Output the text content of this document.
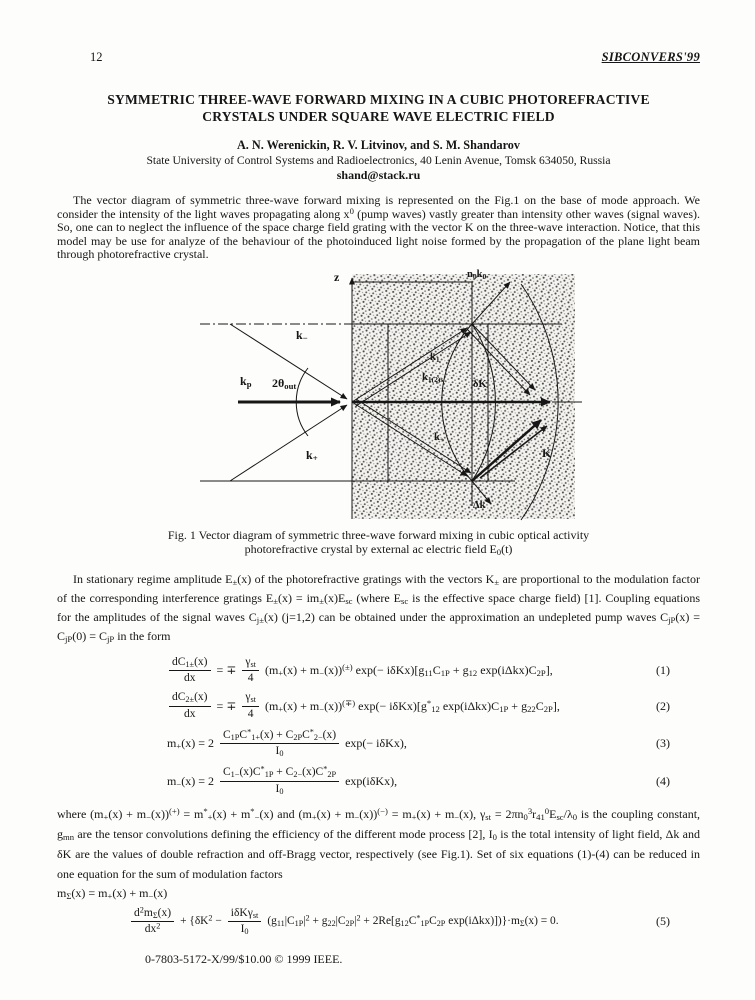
12	SIBCONVERS'99
SYMMETRIC THREE-WAVE FORWARD MIXING IN A CUBIC PHOTOREFRACTIVE
CRYSTALS UNDER SQUARE WAVE ELECTRIC FIELD
A. N. Werenickin, R. V. Litvinov, and S. M. Shandarov
State University of Control Systems and Radioelectronics, 40 Lenin Avenue, Tomsk 634050, Russia
shand@stack.ru
The vector diagram of symmetric three-wave forward mixing is represented on the Fig.1 on the base of mode approach. We consider the intensity of the light waves propagating along $x^0$ (pump waves) vastly greater than intensity other waves (signal waves). So, one can to neglect the influence of the space charge field grating with the vector K on the three-wave interaction. Notice, that this model may be use for analyze of the behaviour of the photoinduced light noise formed by the propagation of the plane light beam through photorefractive crystal.
z	$n_0k_0$
$k_-$
$k_p$ $2\theta_{out}$
$k_+$
$k_1$
$k_{1(2)s}$	δK
$k_+$
K
Δk
Fig. 1 Vector diagram of symmetric three-wave forward mixing in cubic optical activity
photorefractive crystal by external ac electric field $E_0(t)$
In stationary regime amplitude $E_\pm(x)$ of the photorefractive gratings with the vectors $K_\pm$ are proportional to the modulation factor of the corresponding interference gratings $E_\pm(x) = im_\pm(x)E_{sc}$ (where $E_{sc}$ is the effective space charge field) [1]. Coupling equations for the amplitudes of the signal waves $C_{j\pm}(x)$ (j=1,2) can be obtained under the approximation an undepleted pump waves $C_{jP}(x) = C_{jP}(0) = C_{jP}$ in the form
$\frac{dC_{1\pm}(x)}{dx}$ = ∓ $\frac{\gamma_{st}}{4} (m_+(x) + m_-(x))^{(\pm)}$ $\exp(- i\delta Kx)[g_{11}C_{1P} + g_{12}$ $\exp(i\Delta kx)C_{2P}$],	(1)
$\frac{dC_{2\pm}(x)}{dx}$ = ∓ $\frac{\gamma_{st}}{4} (m_+(x) + m_-(x))^{(\mp)}$ $\exp(- i\delta Kx)[g^*_{12}$ $\exp(i\Delta kx)C_{1P} + g_{22}C_{2P}$],	(2)
$m_+(x) = 2 \frac{C_{1P}C^*_{1+}(x) + C_{2P}C^*_{2-}(x)}{I_0} \exp(- i\delta Kx)$,	(3)
$m_-(x) = 2 \frac{C_{1-}(x)C^*_{1P} + C_{2-}(x)C^*_{2P}}{I_0} \exp(i\delta Kx)$,	(4)
where $(m_+(x) + m_-(x))^{(+)} = m^*_+(x) + m^*_-(x)$ and $(m_+(x) + m_-(x))^{(-)} = m_+(x) + m_-(x)$, $\gamma_{st} = 2\pi n_0^3r_{41}^0E_{sc}/\lambda_0$ is the coupling constant, $g_{mn}$ are the tensor convolutions defining the efficiency of the different mode process [2], $I_0$ is the total intensity of light field, Δk and δK are the values of double refraction and off-Bragg vector, respectively (see Fig.1). Set of six equations (1)-(4) can be reduced in one equation for the sum of modulation factors
$m_\Sigma(x) = m_+(x) + m_-(x)$
$\frac{d^2m_\Sigma(x)}{dx^2} + \{\delta K^2 - \frac{i\delta K\gamma_{st}}{I_0} (g_{11}|C_{1P}|^2 + g_{22}|C_{2P}|^2 + 2Re[g_{12}C^*_{1P}C_{2P}$ $\exp(i\Delta kx)])\}\cdot m_\Sigma(x) = 0$.	(5)
0-7803-5172-X/99/$10.00 © 1999 IEEE.
